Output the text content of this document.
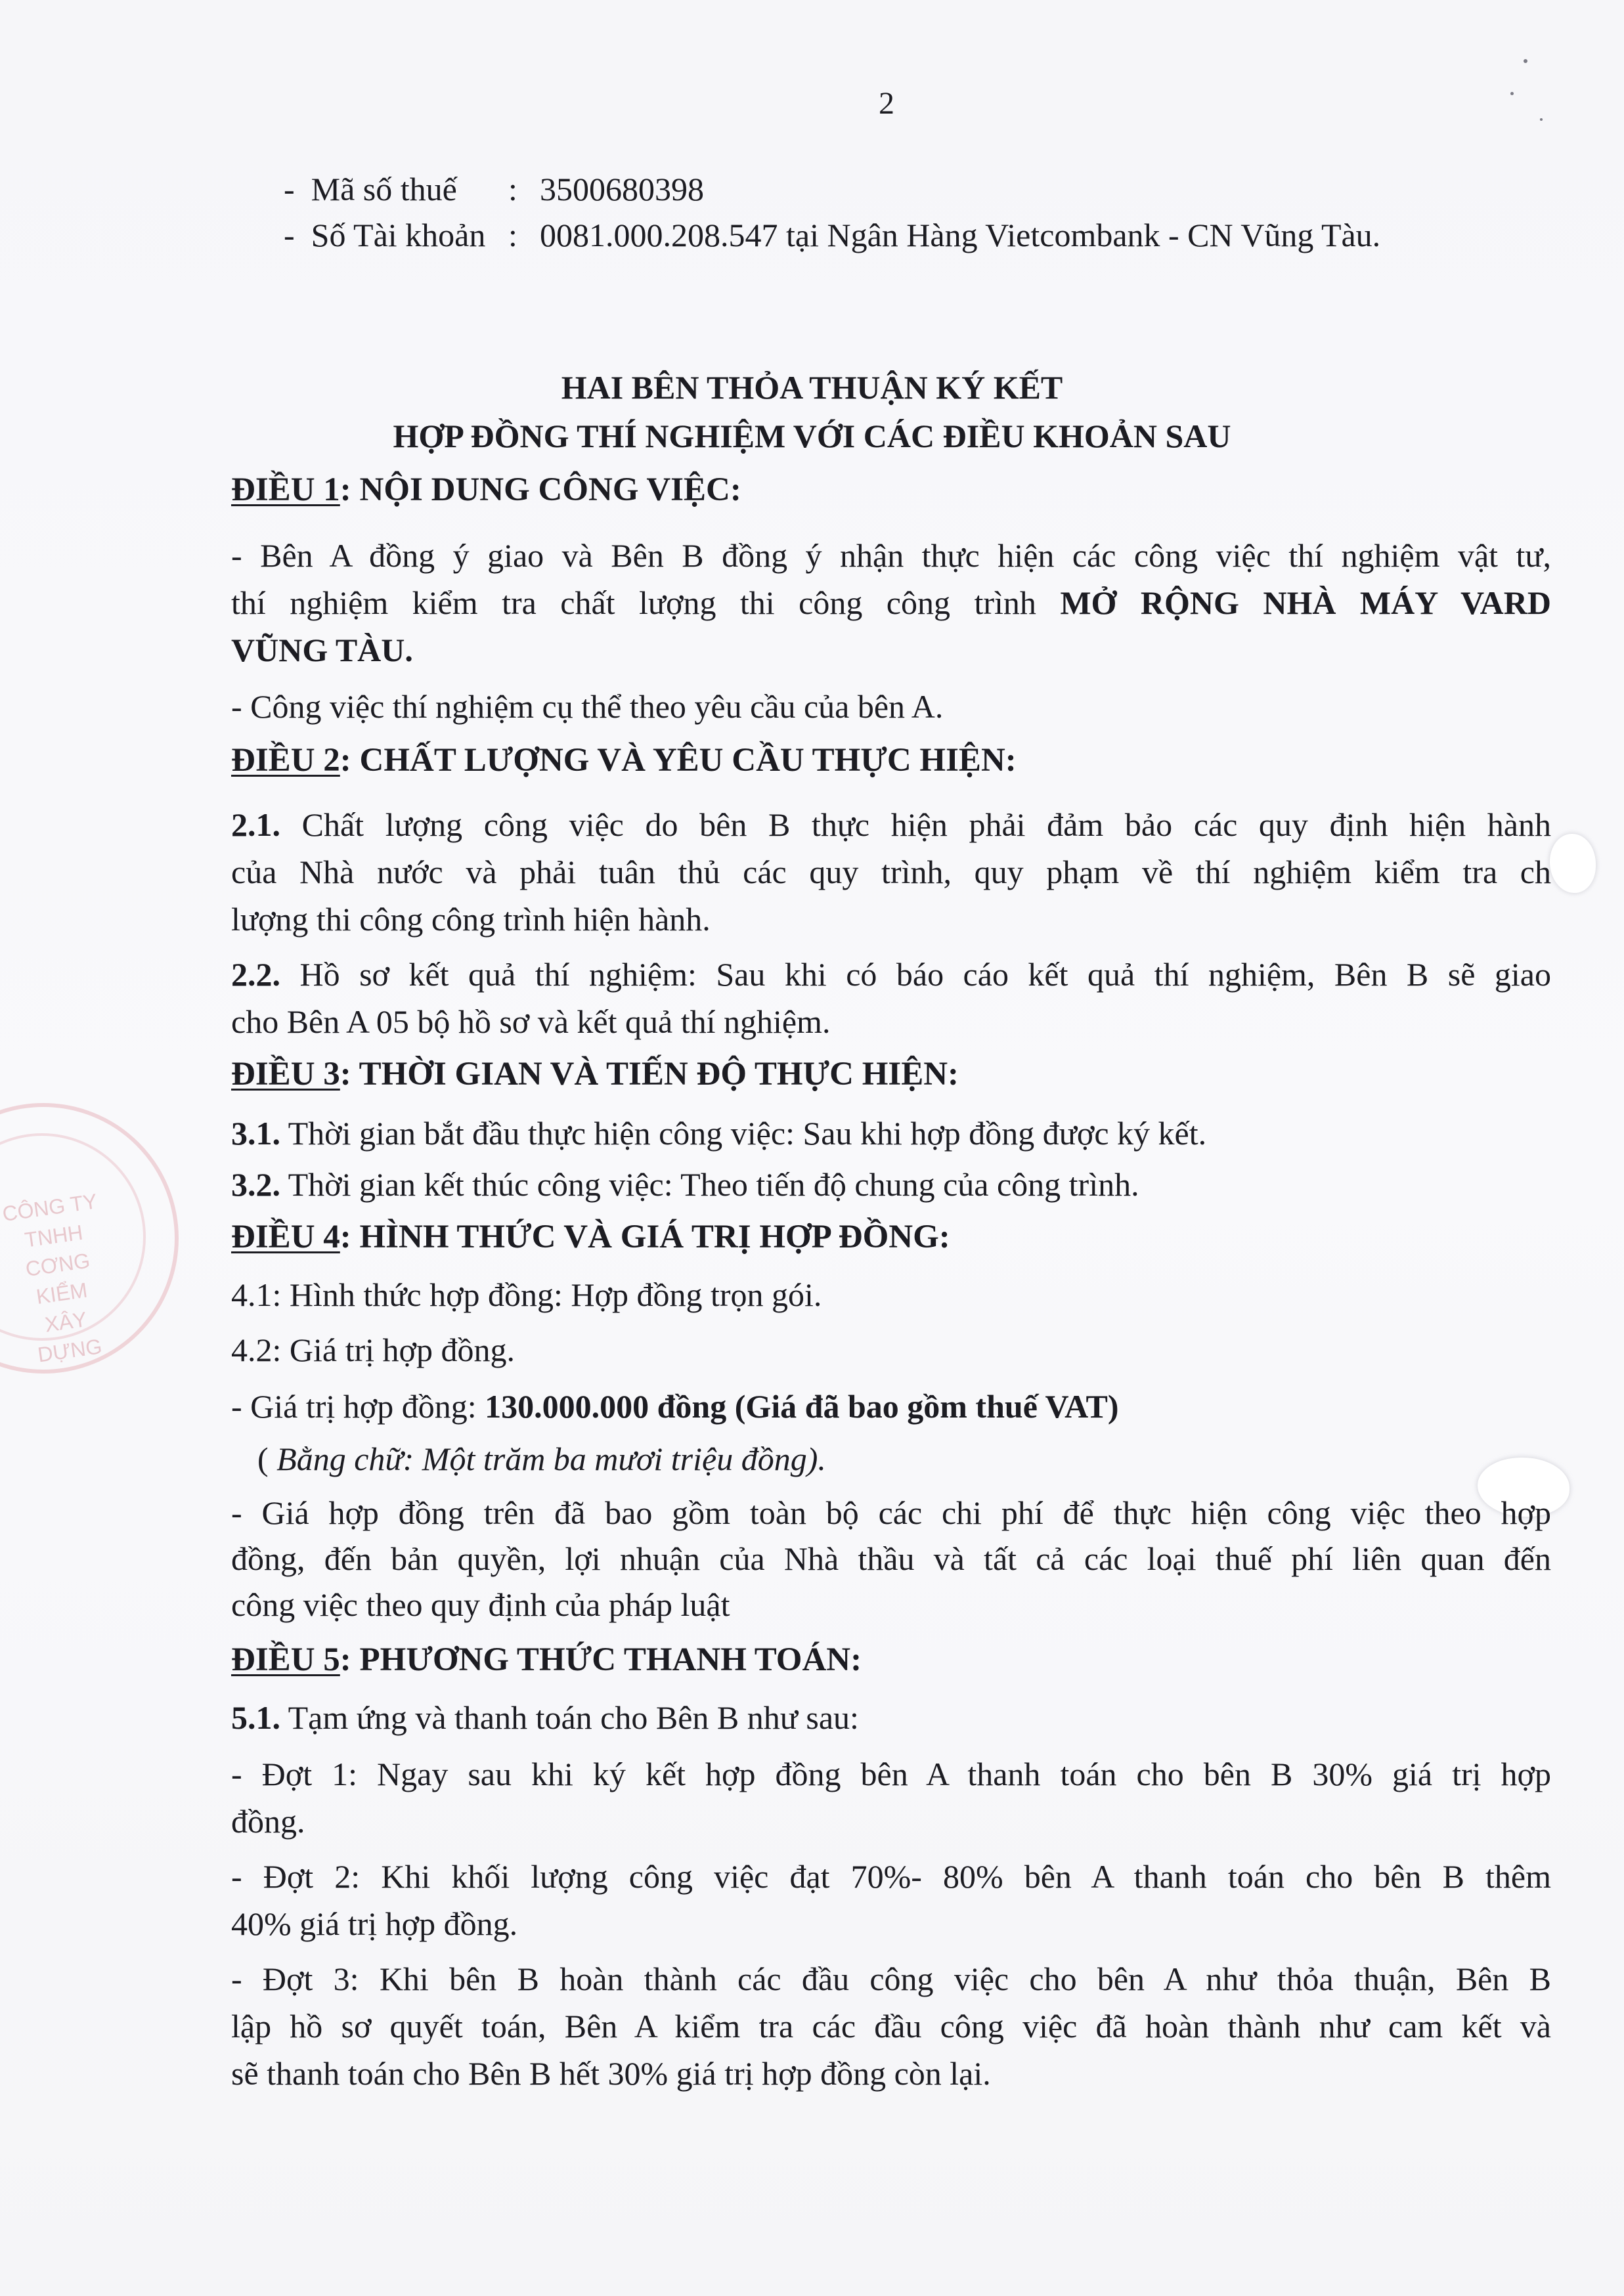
CÔNG TY TNHH CƠNG KIỂM XÂY DỰNG
2
- Mã số thuế : 3500680398
- Số Tài khoản : 0081.000.208.547 tại Ngân Hàng Vietcombank - CN Vũng Tàu.
HAI BÊN THỎA THUẬN KÝ KẾT
HỢP ĐỒNG THÍ NGHIỆM VỚI CÁC ĐIỀU KHOẢN SAU
ĐIỀU 1: NỘI DUNG CÔNG VIỆC:
- Bên A đồng ý giao và Bên B đồng ý nhận thực hiện các công việc thí nghiệm vật tư,
thí nghiệm kiểm tra chất lượng thi công công trình MỞ RỘNG NHÀ MÁY VARD
VŨNG TÀU.
- Công việc thí nghiệm cụ thể theo yêu cầu của bên A.
ĐIỀU 2: CHẤT LƯỢNG VÀ YÊU CẦU THỰC HIỆN:
2.1. Chất lượng công việc do bên B thực hiện phải đảm bảo các quy định hiện hành
của Nhà nước và phải tuân thủ các quy trình, quy phạm về thí nghiệm kiểm tra ch
lượng thi công công trình hiện hành.
2.2. Hồ sơ kết quả thí nghiệm: Sau khi có báo cáo kết quả thí nghiệm, Bên B sẽ giao
cho Bên A 05 bộ hồ sơ và kết quả thí nghiệm.
ĐIỀU 3: THỜI GIAN VÀ TIẾN ĐỘ THỰC HIỆN:
3.1. Thời gian bắt đầu thực hiện công việc: Sau khi hợp đồng được ký kết.
3.2. Thời gian kết thúc công việc: Theo tiến độ chung của công trình.
ĐIỀU 4: HÌNH THỨC VÀ GIÁ TRỊ HỢP ĐỒNG:
4.1: Hình thức hợp đồng: Hợp đồng trọn gói.
4.2: Giá trị hợp đồng.
- Giá trị hợp đồng: 130.000.000 đồng (Giá đã bao gồm thuế VAT)
( Bằng chữ: Một trăm ba mươi triệu đồng).
- Giá hợp đồng trên đã bao gồm toàn bộ các chi phí để thực hiện công việc theo hợp
đồng, đến bản quyền, lợi nhuận của Nhà thầu và tất cả các loại thuế phí liên quan đến
công việc theo quy định của pháp luật
ĐIỀU 5: PHƯƠNG THỨC THANH TOÁN:
5.1. Tạm ứng và thanh toán cho Bên B như sau:
- Đợt 1: Ngay sau khi ký kết hợp đồng bên A thanh toán cho bên B 30% giá trị hợp
đồng.
- Đợt 2: Khi khối lượng công việc đạt 70%- 80% bên A thanh toán cho bên B thêm
40% giá trị hợp đồng.
- Đợt 3: Khi bên B hoàn thành các đầu công việc cho bên A như thỏa thuận, Bên B
lập hồ sơ quyết toán, Bên A kiểm tra các đầu công việc đã hoàn thành như cam kết và
sẽ thanh toán cho Bên B hết 30% giá trị hợp đồng còn lại.
